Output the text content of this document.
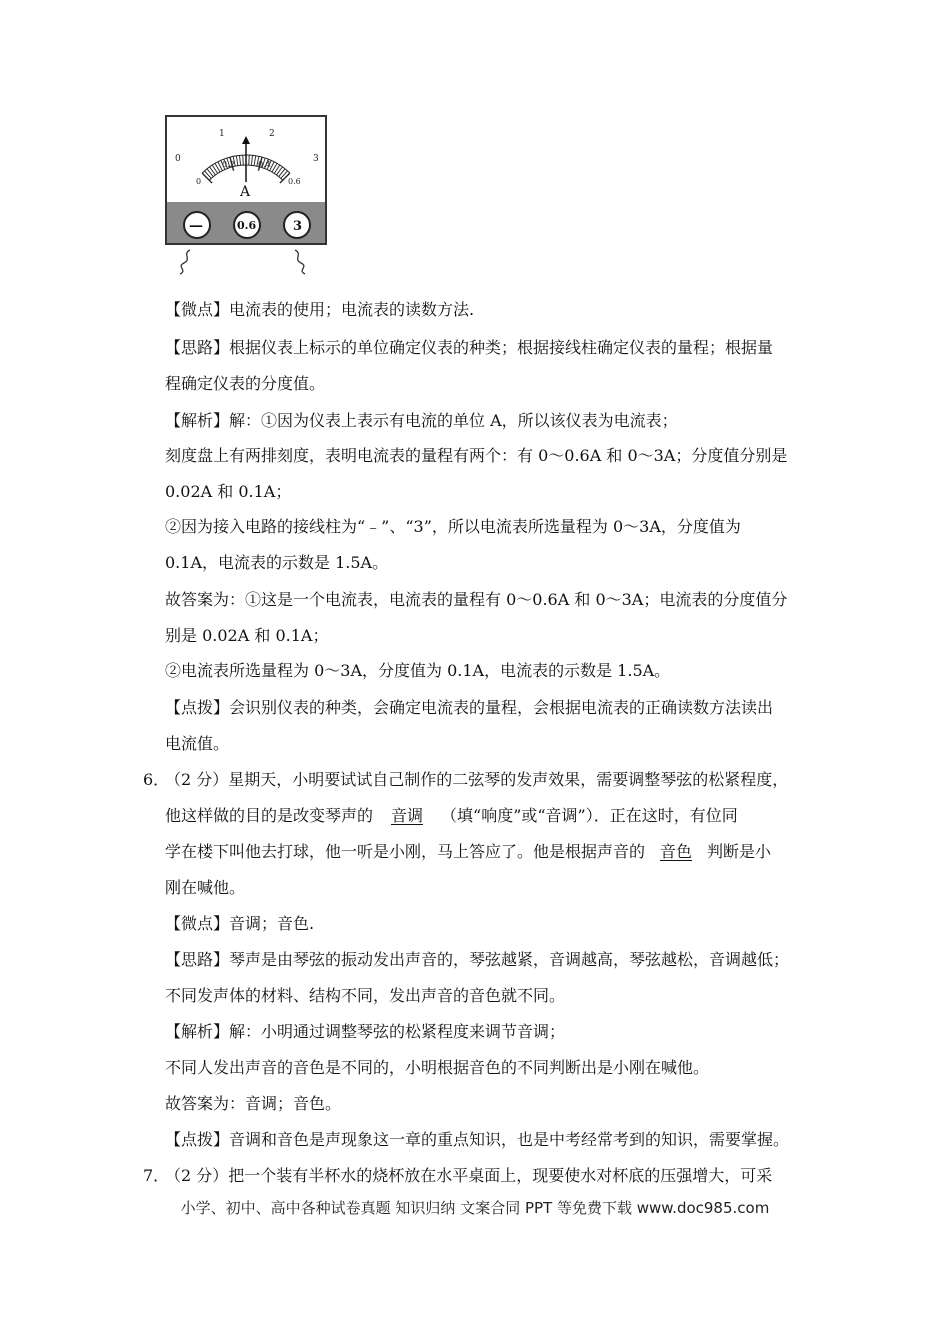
0
1	2
3
0
0.2	0.4
0.6
A
—	0.6	3
【微点】电流表的使用；电流表的读数方法.
【思路】根据仪表上标示的单位确定仪表的种类；根据接线柱确定仪表的量程；根据量
程确定仪表的分度值。
【解析】解：①因为仪表上表示有电流的单位 A，所以该仪表为电流表；
刻度盘上有两排刻度，表明电流表的量程有两个：有 0～0.6A 和 0～3A；分度值分别是
0.02A 和 0.1A；
②因为接入电路的接线柱为“﹣”、“3”，所以电流表所选量程为 0～3A，分度值为
0.1A，电流表的示数是 1.5A。
故答案为：①这是一个电流表，电流表的量程有 0～0.6A 和 0～3A；电流表的分度值分
别是 0.02A 和 0.1A；
②电流表所选量程为 0～3A，分度值为 0.1A，电流表的示数是 1.5A。
【点拨】会识别仪表的种类，会确定电流表的量程，会根据电流表的正确读数方法读出
电流值。
6．
（2 分）星期天，小明要试试自己制作的二弦琴的发声效果，需要调整琴弦的松紧程度，
他这样做的目的是改变琴声的 音调 （填“响度”或“音调”）．正在这时，有位同
学在楼下叫他去打球，他一听是小刚，马上答应了。他是根据声音的 音色 判断是小
刚在喊他。
【微点】音调；音色.
【思路】琴声是由琴弦的振动发出声音的，琴弦越紧，音调越高，琴弦越松，音调越低；
不同发声体的材料、结构不同，发出声音的音色就不同。
【解析】解：小明通过调整琴弦的松紧程度来调节音调；
不同人发出声音的音色是不同的，小明根据音色的不同判断出是小刚在喊他。
故答案为：音调；音色。
【点拨】音调和音色是声现象这一章的重点知识，也是中考经常考到的知识，需要掌握。
7．
（2 分）把一个装有半杯水的烧杯放在水平桌面上，现要使水对杯底的压强增大，可采
小学、初中、高中各种试卷真题 知识归纳 文案合同 PPT 等免费下载 www.doc985.com
